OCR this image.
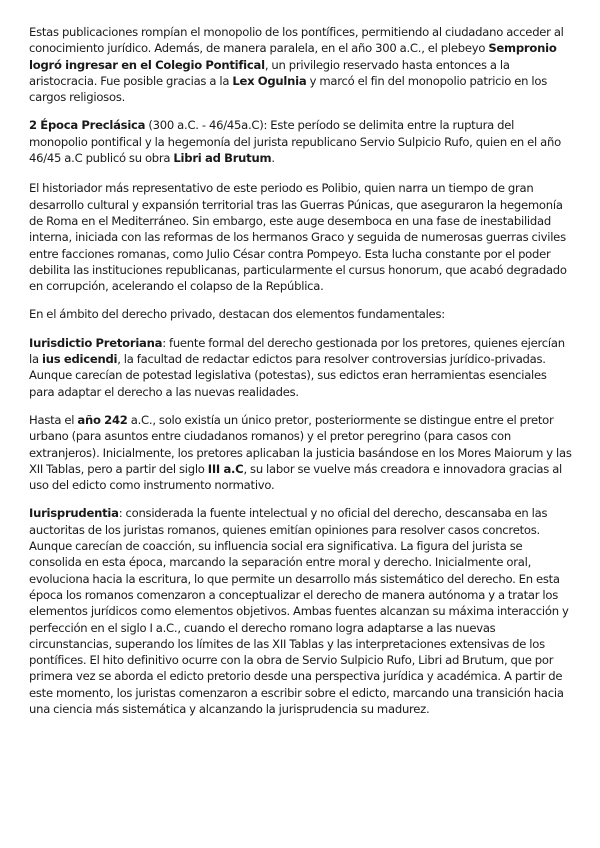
Estas publicaciones rompían el monopolio de los pontífices, permitiendo al ciudadano acceder al conocimiento jurídico. Además, de manera paralela, en el año 300 a.C., el plebeyo Sempronio logró ingresar en el Colegio Pontifical, un privilegio reservado hasta entonces a la aristocracia. Fue posible gracias a la Lex Ogulnia y marcó el fin del monopolio patricio en los cargos religiosos.

2 Época Preclásica (300 a.C. - 46/45a.C): Este período se delimita entre la ruptura del monopolio pontifical y la hegemonía del jurista republicano Servio Sulpicio Rufo, quien en el año 46/45 a.C publicó su obra Libri ad Brutum.

El historiador más representativo de este periodo es Polibio, quien narra un tiempo de gran desarrollo cultural y expansión territorial tras las Guerras Púnicas, que aseguraron la hegemonía de Roma en el Mediterráneo. Sin embargo, este auge desemboca en una fase de inestabilidad interna, iniciada con las reformas de los hermanos Graco y seguida de numerosas guerras civiles entre facciones romanas, como Julio César contra Pompeyo. Esta lucha constante por el poder debilita las instituciones republicanas, particularmente el cursus honorum, que acabó degradado en corrupción, acelerando el colapso de la República.

En el ámbito del derecho privado, destacan dos elementos fundamentales:

Iurisdictio Pretoriana: fuente formal del derecho gestionada por los pretores, quienes ejercían la ius edicendi, la facultad de redactar edictos para resolver controversias jurídico-privadas. Aunque carecían de potestad legislativa (potestas), sus edictos eran herramientas esenciales para adaptar el derecho a las nuevas realidades.

Hasta el año 242 a.C., solo existía un único pretor, posteriormente se distingue entre el pretor urbano (para asuntos entre ciudadanos romanos) y el pretor peregrino (para casos con extranjeros). Inicialmente, los pretores aplicaban la justicia basándose en los Mores Maiorum y las XII Tablas, pero a partir del siglo III a.C, su labor se vuelve más creadora e innovadora gracias al uso del edicto como instrumento normativo.

Iurisprudentia: considerada la fuente intelectual y no oficial del derecho, descansaba en las auctoritas de los juristas romanos, quienes emitían opiniones para resolver casos concretos. Aunque carecían de coacción, su influencia social era significativa. La figura del jurista se consolida en esta época, marcando la separación entre moral y derecho. Inicialmente oral, evoluciona hacia la escritura, lo que permite un desarrollo más sistemático del derecho. En esta época los romanos comenzaron a conceptualizar el derecho de manera autónoma y a tratar los elementos jurídicos como elementos objetivos. Ambas fuentes alcanzan su máxima interacción y perfección en el siglo I a.C., cuando el derecho romano logra adaptarse a las nuevas circunstancias, superando los límites de las XII Tablas y las interpretaciones extensivas de los pontífices. El hito definitivo ocurre con la obra de Servio Sulpicio Rufo, Libri ad Brutum, que por primera vez se aborda el edicto pretorio desde una perspectiva jurídica y académica. A partir de este momento, los juristas comenzaron a escribir sobre el edicto, marcando una transición hacia una ciencia más sistemática y alcanzando la jurisprudencia su madurez.
